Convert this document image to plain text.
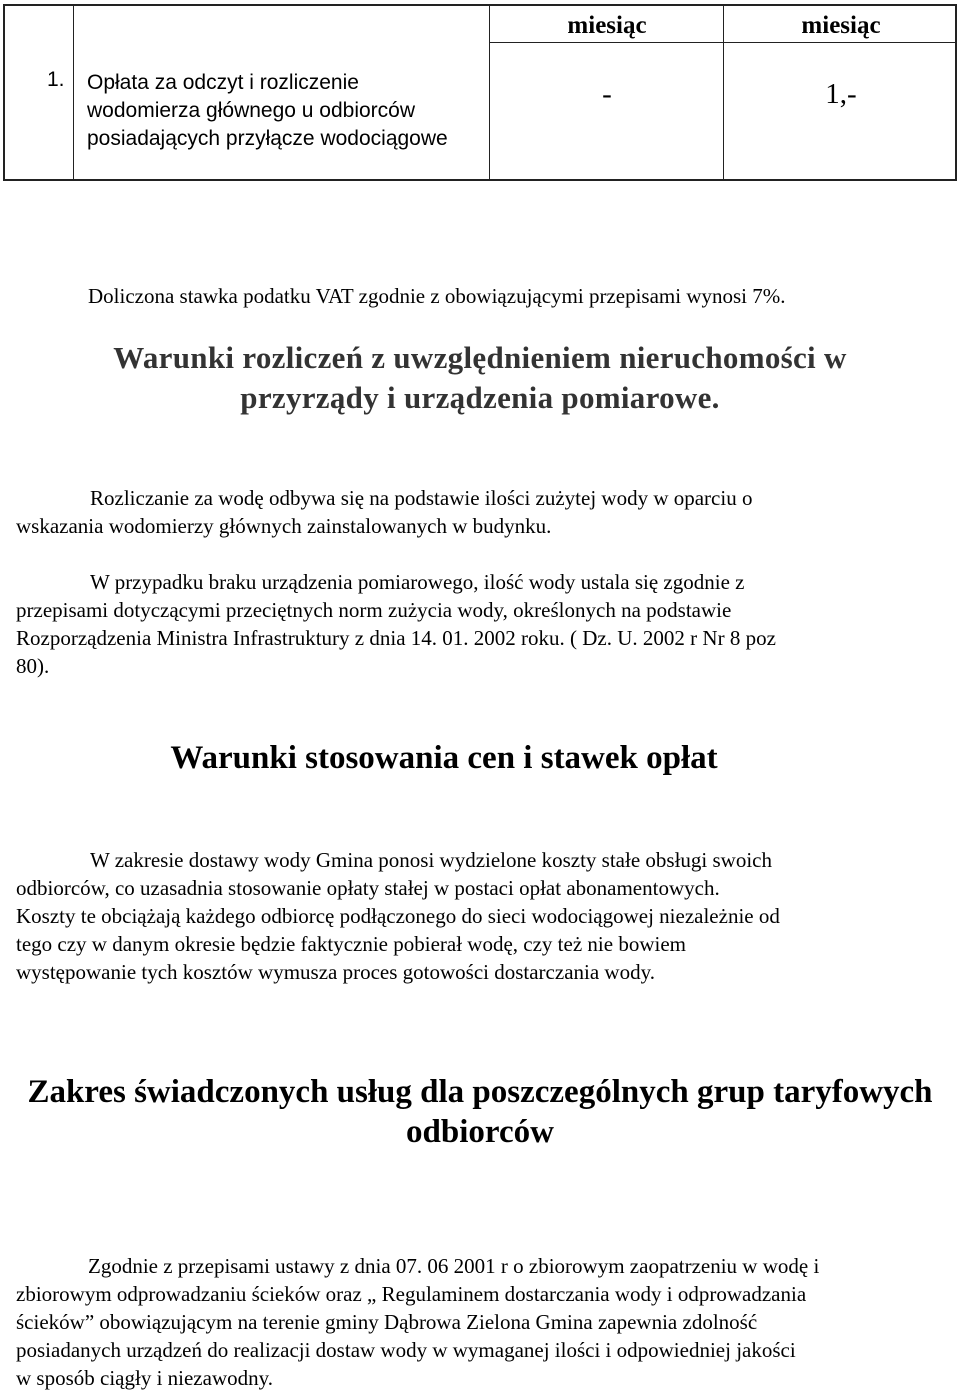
miesiąc	miesiąc
1. Opłata za odczyt i rozliczenie
wodomierza głównego u odbiorców
posiadających przyłącze wodociągowe
-	1,-
Doliczona stawka podatku VAT zgodnie z obowiązującymi przepisami wynosi 7%.
Warunki rozliczeń z uwzględnieniem nieruchomości w
przyrządy i urządzenia pomiarowe.
Rozliczanie za wodę odbywa się na podstawie ilości zużytej wody w oparciu o
wskazania wodomierzy głównych zainstalowanych w budynku.
W przypadku braku urządzenia pomiarowego, ilość wody ustala się zgodnie z
przepisami dotyczącymi przeciętnych norm zużycia wody, określonych na podstawie
Rozporządzenia Ministra Infrastruktury z dnia 14. 01. 2002 roku. ( Dz. U. 2002 r Nr 8 poz
80).
Warunki stosowania cen i stawek opłat
W zakresie dostawy wody Gmina ponosi wydzielone koszty stałe obsługi swoich
odbiorców, co uzasadnia stosowanie opłaty stałej w postaci opłat abonamentowych.
Koszty te obciążają każdego odbiorcę podłączonego do sieci wodociągowej niezależnie od
tego czy w danym okresie będzie faktycznie pobierał wodę, czy też nie bowiem
występowanie tych kosztów wymusza proces gotowości dostarczania wody.
Zakres świadczonych usług dla poszczególnych grup taryfowych
odbiorców
Zgodnie z przepisami ustawy z dnia 07. 06 2001 r o zbiorowym zaopatrzeniu w wodę i
zbiorowym odprowadzaniu ścieków oraz „ Regulaminem dostarczania wody i odprowadzania
ścieków” obowiązującym na terenie gminy Dąbrowa Zielona Gmina zapewnia zdolność
posiadanych urządzeń do realizacji dostaw wody w wymaganej ilości i odpowiedniej jakości
w sposób ciągły i niezawodny.
